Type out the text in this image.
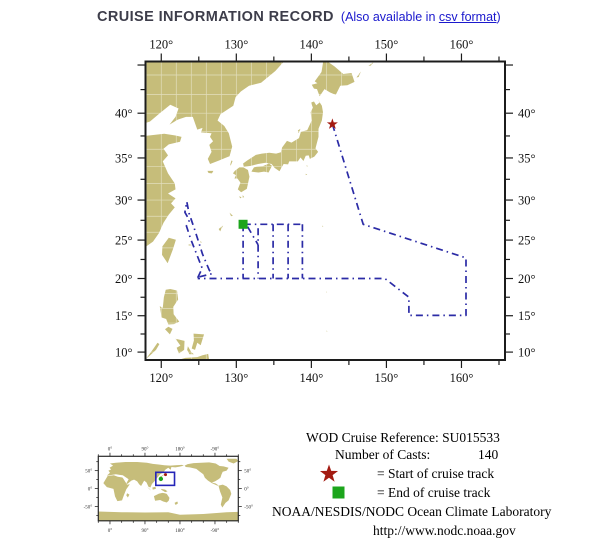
CRUISE INFORMATION RECORD (Also available in csv format)
120°
120°
130°
130°
140°
140°
150°
150°
160°
160°
40°	40°
35°	35°
30°	30°
25°	25°
20°	20°
15°	15°
10°	10°
0°
0°
90°
90°
180°
180°
-90°
-90°
50°	50°
0°	0°
-50°	-50°
WOD Cruise Reference: SU015533
Number of Casts:	140
= Start of cruise track
= End of cruise track
NOAA/NESDIS/NODC Ocean Climate Laboratory
http://www.nodc.noaa.gov
